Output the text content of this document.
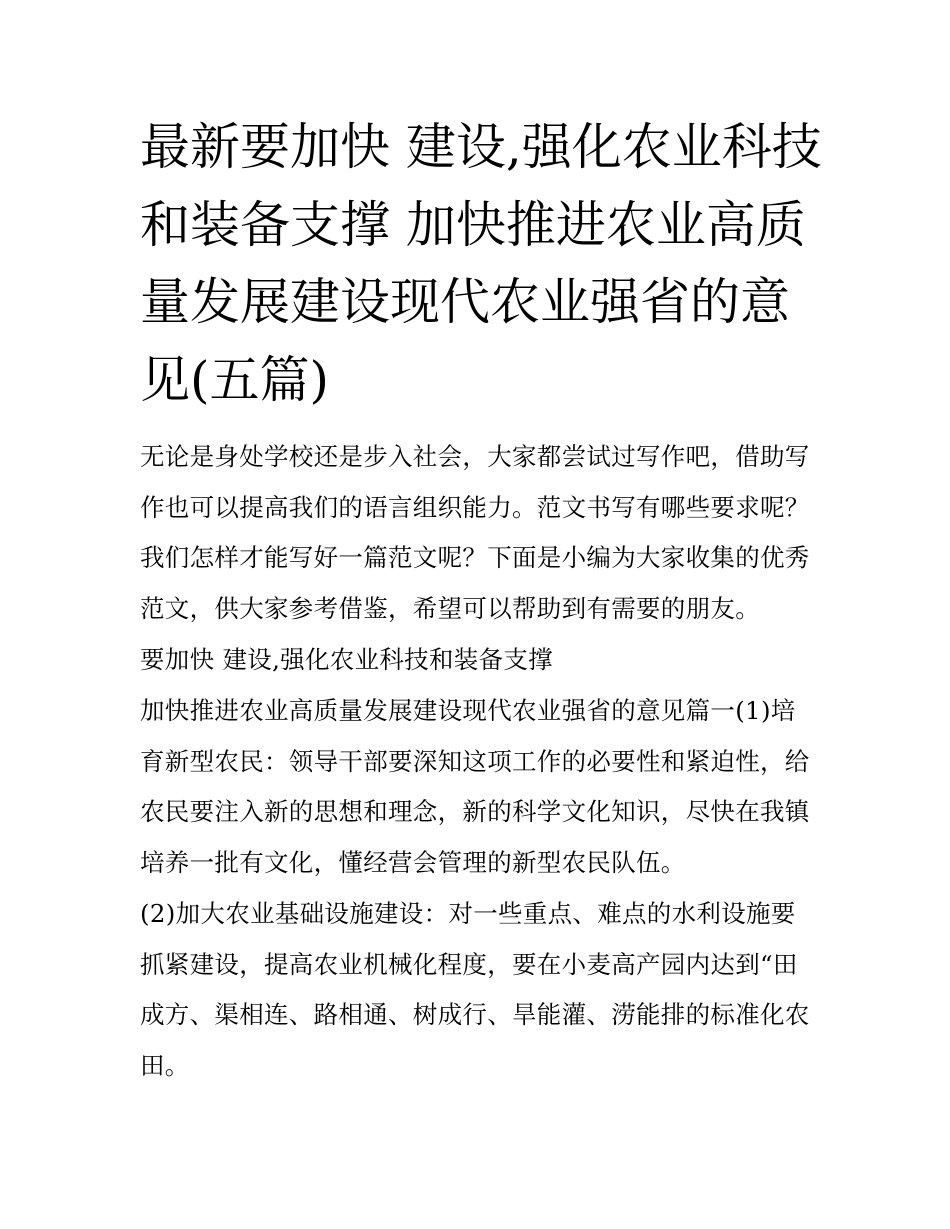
最新要加快 建设,强化农业科技
和装备支撑 加快推进农业高质
量发展建设现代农业强省的意
见(五篇)
无论是身处学校还是步入社会，大家都尝试过写作吧，借助写
作也可以提高我们的语言组织能力。范文书写有哪些要求呢？
我们怎样才能写好一篇范文呢？下面是小编为大家收集的优秀
范文，供大家参考借鉴，希望可以帮助到有需要的朋友。
要加快 建设,强化农业科技和装备支撑
加快推进农业高质量发展建设现代农业强省的意见篇一(1)培
育新型农民：领导干部要深知这项工作的必要性和紧迫性，给
农民要注入新的思想和理念，新的科学文化知识，尽快在我镇
培养一批有文化，懂经营会管理的新型农民队伍。
(2)加大农业基础设施建设：对一些重点、难点的水利设施要
抓紧建设，提高农业机械化程度，要在小麦高产园内达到“田
成方、渠相连、路相通、树成行、旱能灌、涝能排的标准化农
田。
